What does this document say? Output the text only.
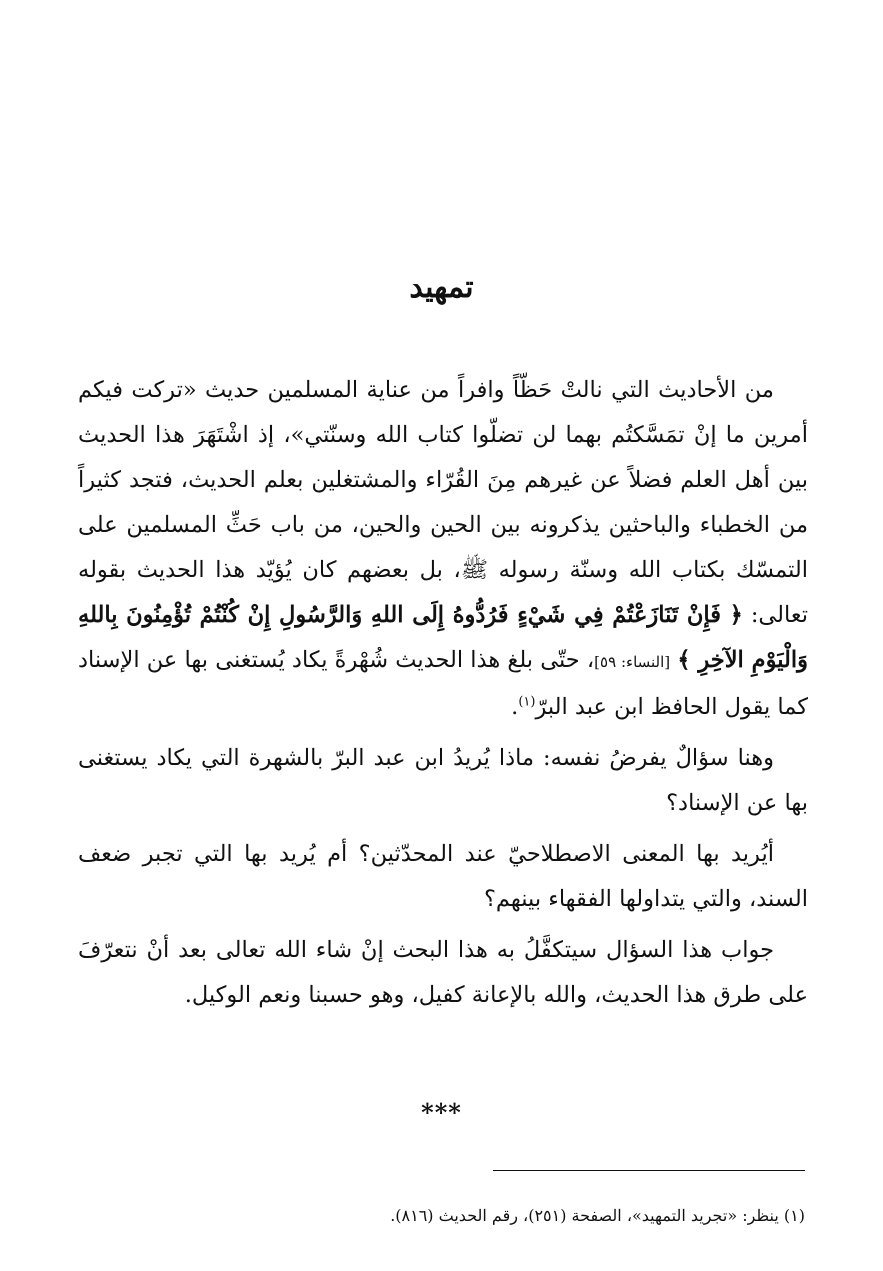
تمهيد

من الأحاديث التي نالتْ حَظّاً وافراً من عناية المسلمين حديث «تركت فيكم أمرين ما إنْ تمَسَّكتُم بهما لن تضلّوا كتاب الله وسنّتي»، إذ اشْتَهَرَ هذا الحديث بين أهل العلم فضلاً عن غيرهم مِنَ القُرّاء والمشتغلين بعلم الحديث، فتجد كثيراً من الخطباء والباحثين يذكرونه بين الحين والحين، من باب حَثِّ المسلمين على التمسّك بكتاب الله وسنّة رسوله ﷺ، بل بعضهم كان يُؤيّد هذا الحديث بقوله تعالى: ﴿ فَإِنْ تَنَازَعْتُمْ فِي شَيْءٍ فَرُدُّوهُ إِلَى اللهِ وَالرَّسُولِ إِنْ كُنْتُمْ تُؤْمِنُونَ بِاللهِ وَالْيَوْمِ الآخِرِ ﴾ [النساء: ٥٩]، حتّى بلغ هذا الحديث شُهْرةً يكاد يُستغنى بها عن الإسناد كما يقول الحافظ ابن عبد البرّ$^{(١)}$.

وهنا سؤالٌ يفرضُ نفسه: ماذا يُريدُ ابن عبد البرّ بالشهرة التي يكاد يستغنى بها عن الإسناد؟

أيُريد بها المعنى الاصطلاحيّ عند المحدّثين؟ أم يُريد بها التي تجبر ضعف السند، والتي يتداولها الفقهاء بينهم؟

جواب هذا السؤال سيتكفَّلُ به هذا البحث إنْ شاء الله تعالى بعد أنْ نتعرّفَ على طرق هذا الحديث، والله بالإعانة كفيل، وهو حسبنا ونعم الوكيل.

***
(١) ينظر: «تجريد التمهيد»، الصفحة (٢٥١)، رقم الحديث (٨١٦).
